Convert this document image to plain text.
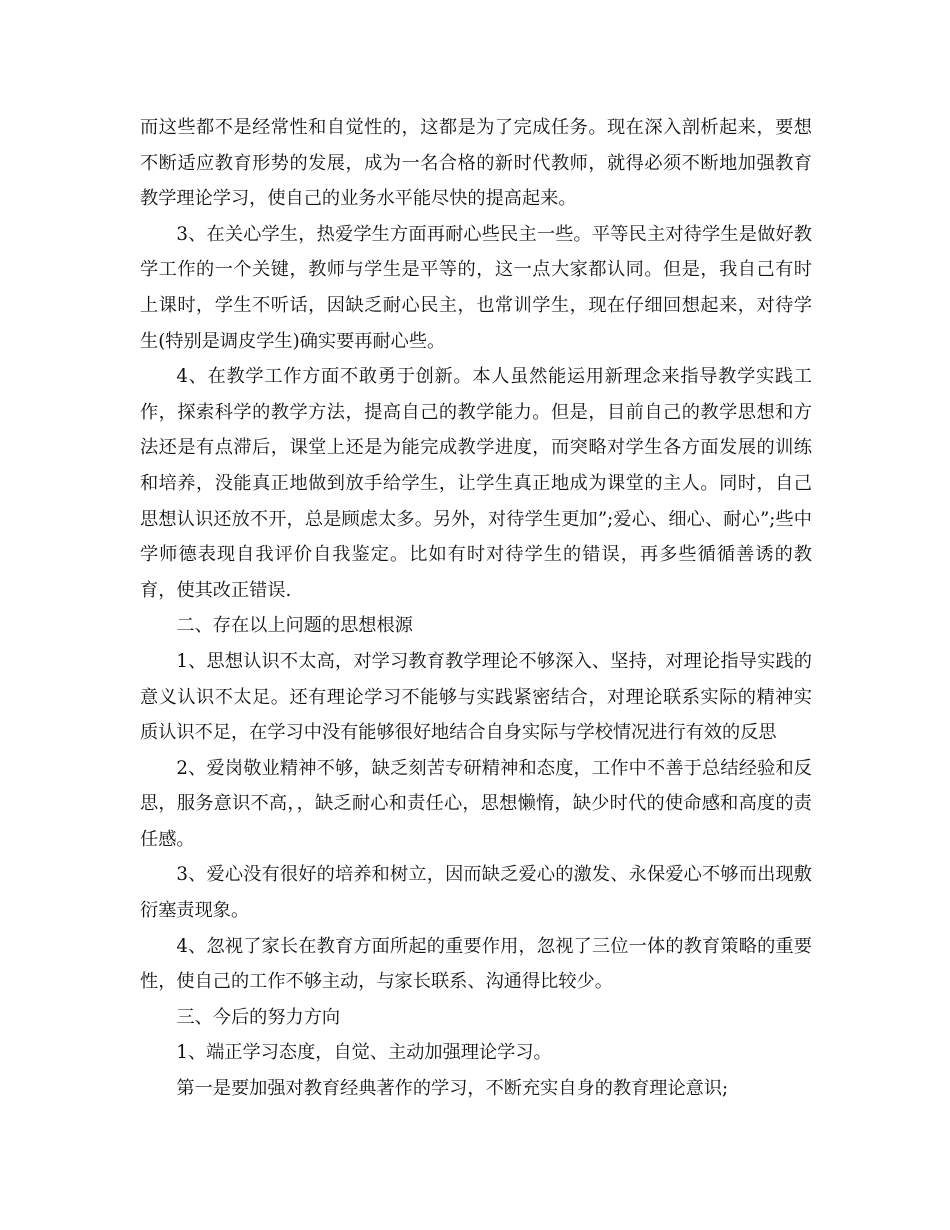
而这些都不是经常性和自觉性的，这都是为了完成任务。现在深入剖析起来，要想不断适应教育形势的发展，成为一名合格的新时代教师，就得必须不断地加强教育教学理论学习，使自己的业务水平能尽快的提高起来。

3、在关心学生，热爱学生方面再耐心些民主一些。平等民主对待学生是做好教学工作的一个关键，教师与学生是平等的，这一点大家都认同。但是，我自己有时上课时，学生不听话，因缺乏耐心民主，也常训学生，现在仔细回想起来，对待学生(特别是调皮学生)确实要再耐心些。

4、在教学工作方面不敢勇于创新。本人虽然能运用新理念来指导教学实践工作，探索科学的教学方法，提高自己的教学能力。但是，目前自己的教学思想和方法还是有点滞后，课堂上还是为能完成教学进度，而突略对学生各方面发展的训练和培养，没能真正地做到放手给学生，让学生真正地成为课堂的主人。同时，自己思想认识还放不开，总是顾虑太多。另外，对待学生更加”;爱心、细心、耐心”;些中学师德表现自我评价自我鉴定。比如有时对待学生的错误，再多些循循善诱的教育，使其改正错误.

二、存在以上问题的思想根源

1、思想认识不太高，对学习教育教学理论不够深入、坚持，对理论指导实践的意义认识不太足。还有理论学习不能够与实践紧密结合，对理论联系实际的精神实质认识不足，在学习中没有能够很好地结合自身实际与学校情况进行有效的反思

2、爱岗敬业精神不够，缺乏刻苦专研精神和态度，工作中不善于总结经验和反思，服务意识不高，，缺乏耐心和责任心，思想懒惰，缺少时代的使命感和高度的责任感。

3、爱心没有很好的培养和树立，因而缺乏爱心的激发、永保爱心不够而出现敷衍塞责现象。

4、忽视了家长在教育方面所起的重要作用，忽视了三位一体的教育策略的重要性，使自己的工作不够主动，与家长联系、沟通得比较少。

三、今后的努力方向

1、端正学习态度，自觉、主动加强理论学习。

第一是要加强对教育经典著作的学习，不断充实自身的教育理论意识;
